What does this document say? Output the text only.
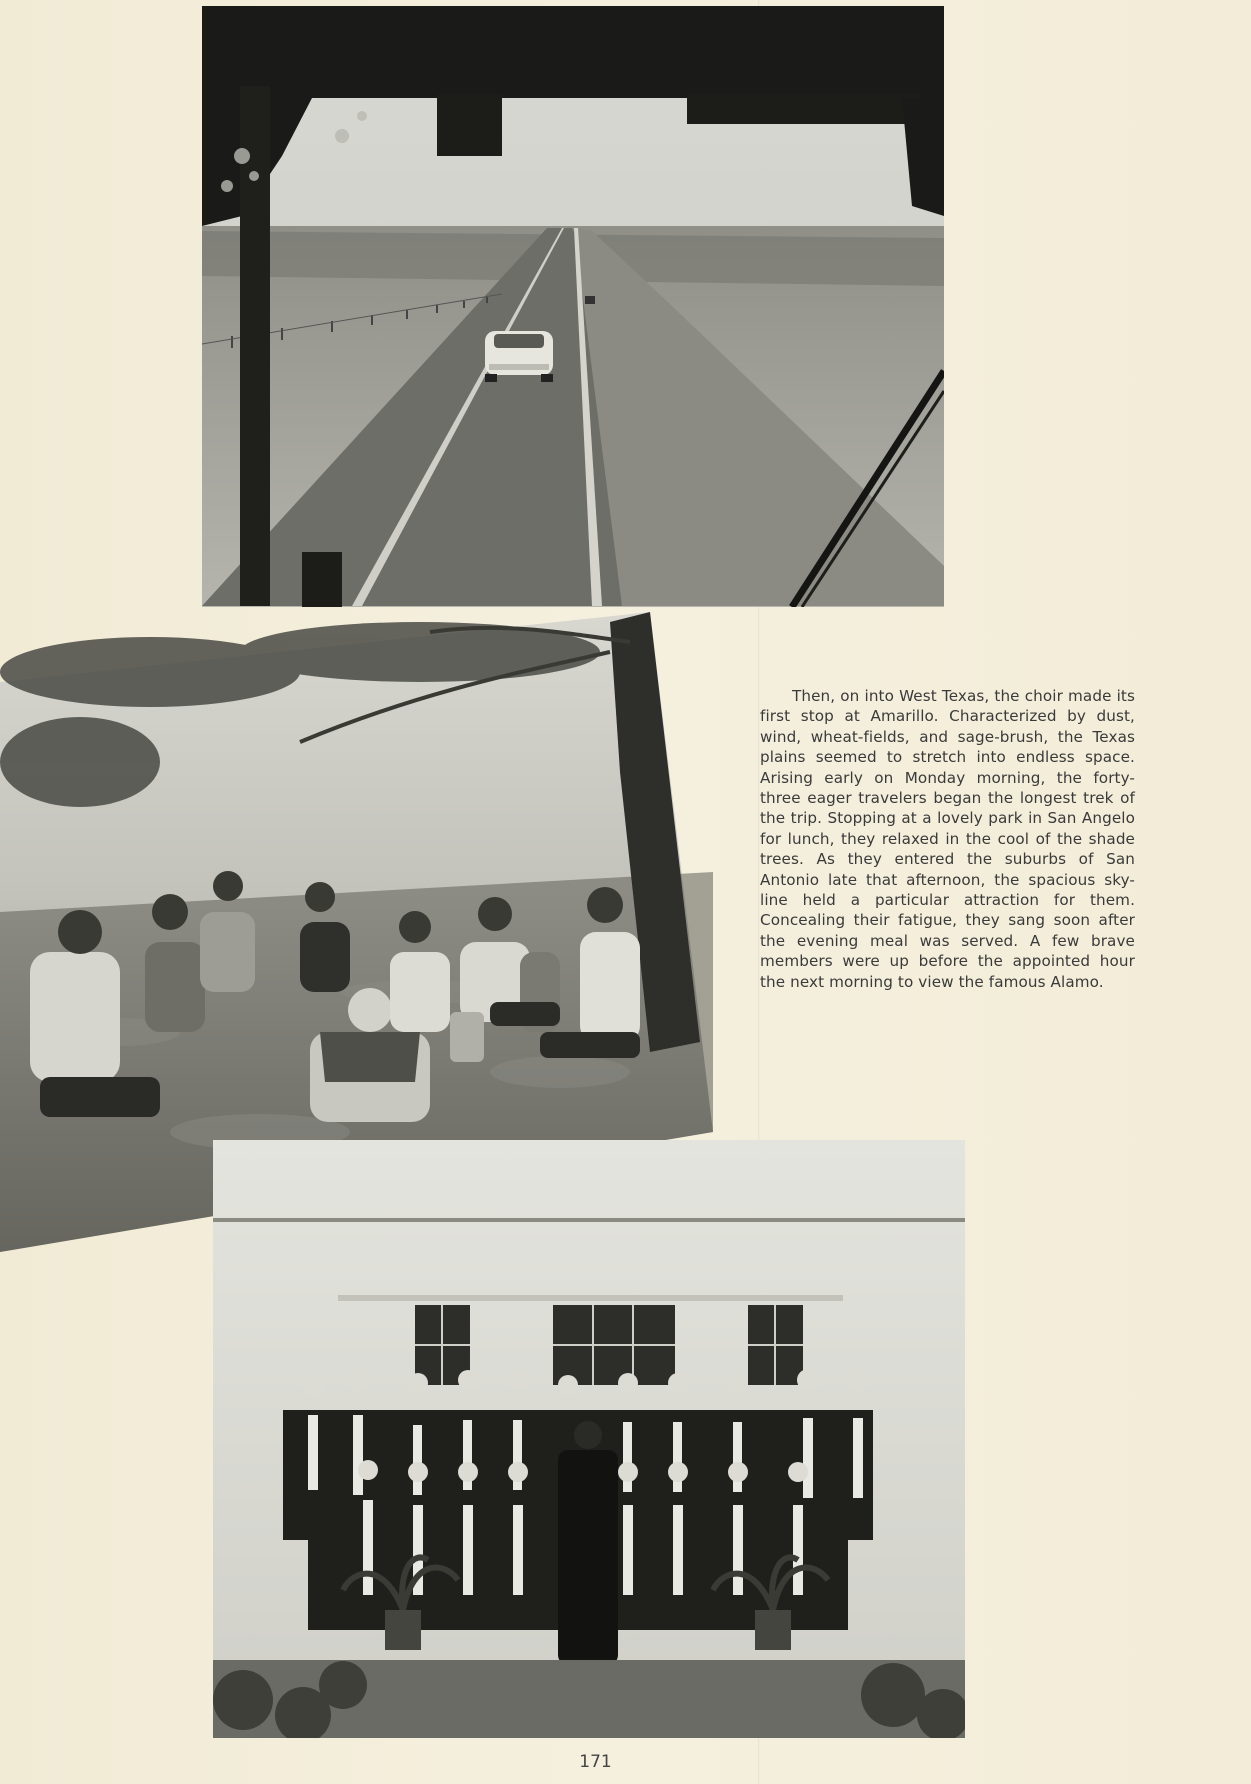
Then, on into West Texas, the choir made its first stop at Amarillo. Characterized by dust, wind, wheat-fields, and sage-brush, the Texas plains seemed to stretch into endless space. Arising early on Monday morning, the forty-three eager travelers began the longest trek of the trip. Stopping at a lovely park in San Angelo for lunch, they relaxed in the cool of the shade trees. As they entered the suburbs of San Antonio late that afternoon, the spacious sky-line held a particular attraction for them. Concealing their fatigue, they sang soon after the evening meal was served. A few brave members were up before the appointed hour the next morning to view the famous Alamo.

171
